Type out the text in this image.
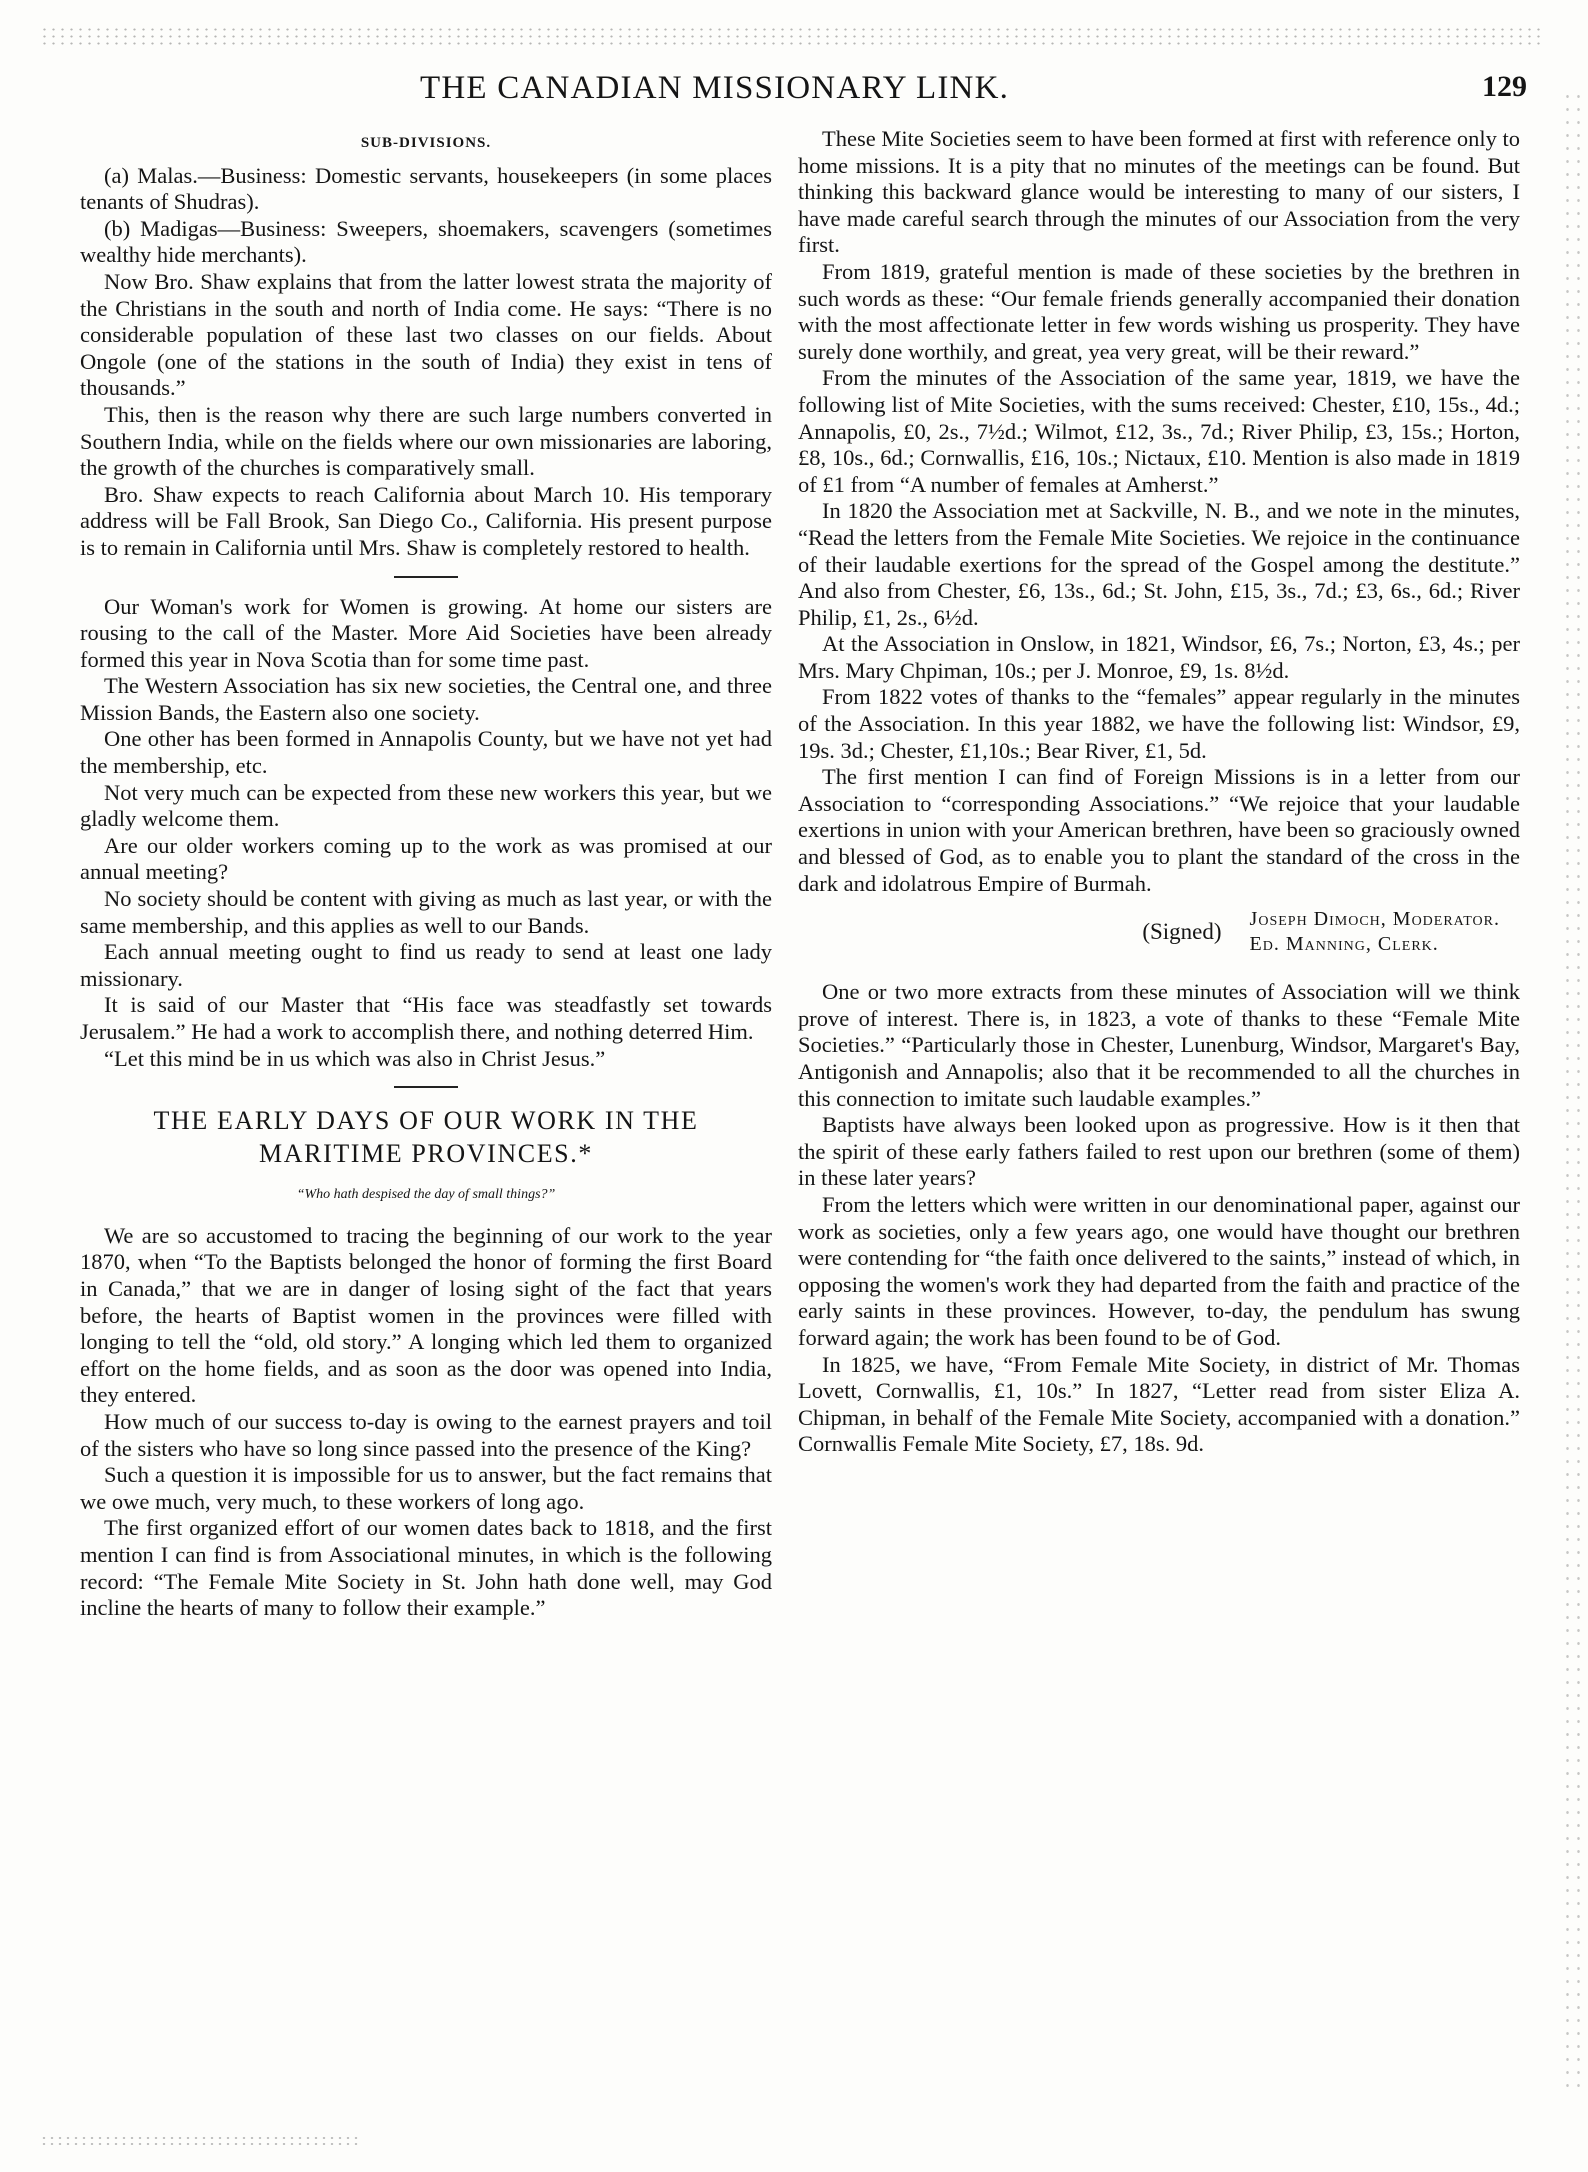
THE CANADIAN MISSIONARY LINK.	129
SUB-DIVISIONS.

(a) Malas.—Business: Domestic servants, housekeepers (in some places tenants of Shudras).

(b) Madigas—Business: Sweepers, shoemakers, scavengers (sometimes wealthy hide merchants).

Now Bro. Shaw explains that from the latter lowest strata the majority of the Christians in the south and north of India come. He says: “There is no considerable population of these last two classes on our fields. About Ongole (one of the stations in the south of India) they exist in tens of thousands.”

This, then is the reason why there are such large numbers converted in Southern India, while on the fields where our own missionaries are laboring, the growth of the churches is comparatively small.

Bro. Shaw expects to reach California about March 10. His temporary address will be Fall Brook, San Diego Co., California. His present purpose is to remain in California until Mrs. Shaw is completely restored to health.

Our Woman's work for Women is growing. At home our sisters are rousing to the call of the Master. More Aid Societies have been already formed this year in Nova Scotia than for some time past.

The Western Association has six new societies, the Central one, and three Mission Bands, the Eastern also one society.

One other has been formed in Annapolis County, but we have not yet had the membership, etc.

Not very much can be expected from these new workers this year, but we gladly welcome them.

Are our older workers coming up to the work as was promised at our annual meeting?

No society should be content with giving as much as last year, or with the same membership, and this applies as well to our Bands.

Each annual meeting ought to find us ready to send at least one lady missionary.

It is said of our Master that “His face was steadfastly set towards Jerusalem.” He had a work to accomplish there, and nothing deterred Him.

“Let this mind be in us which was also in Christ Jesus.”

THE EARLY DAYS OF OUR WORK IN THE MARITIME PROVINCES.*
“Who hath despised the day of small things?”

We are so accustomed to tracing the beginning of our work to the year 1870, when “To the Baptists belonged the honor of forming the first Board in Canada,” that we are in danger of losing sight of the fact that years before, the hearts of Baptist women in the provinces were filled with longing to tell the “old, old story.” A longing which led them to organized effort on the home fields, and as soon as the door was opened into India, they entered.

How much of our success to-day is owing to the earnest prayers and toil of the sisters who have so long since passed into the presence of the King?

Such a question it is impossible for us to answer, but the fact remains that we owe much, very much, to these workers of long ago.

The first organized effort of our women dates back to 1818, and the first mention I can find is from Associational minutes, in which is the following record: “The Female Mite Society in St. John hath done well, may God incline the hearts of many to follow their example.”

These Mite Societies seem to have been formed at first with reference only to home missions. It is a pity that no minutes of the meetings can be found. But thinking this backward glance would be interesting to many of our sisters, I have made careful search through the minutes of our Association from the very first.

From 1819, grateful mention is made of these societies by the brethren in such words as these: “Our female friends generally accompanied their donation with the most affectionate letter in few words wishing us prosperity. They have surely done worthily, and great, yea very great, will be their reward.”

From the minutes of the Association of the same year, 1819, we have the following list of Mite Societies, with the sums received: Chester, £10, 15s., 4d.; Annapolis, £0, 2s., 7½d.; Wilmot, £12, 3s., 7d.; River Philip, £3, 15s.; Horton, £8, 10s., 6d.; Cornwallis, £16, 10s.; Nictaux, £10. Mention is also made in 1819 of £1 from “A number of females at Amherst.”

In 1820 the Association met at Sackville, N. B., and we note in the minutes, “Read the letters from the Female Mite Societies. We rejoice in the continuance of their laudable exertions for the spread of the Gospel among the destitute.” And also from Chester, £6, 13s., 6d.; St. John, £15, 3s., 7d.; £3, 6s., 6d.; River Philip, £1, 2s., 6½d.

At the Association in Onslow, in 1821, Windsor, £6, 7s.; Norton, £3, 4s.; per Mrs. Mary Chpiman, 10s.; per J. Monroe, £9, 1s. 8½d.

From 1822 votes of thanks to the “females” appear regularly in the minutes of the Association. In this year 1882, we have the following list: Windsor, £9, 19s. 3d.; Chester, £1,10s.; Bear River, £1, 5d.

The first mention I can find of Foreign Missions is in a letter from our Association to “corresponding Associations.” “We rejoice that your laudable exertions in union with your American brethren, have been so graciously owned and blessed of God, as to enable you to plant the standard of the cross in the dark and idolatrous Empire of Burmah.

(Signed) Joseph Dimoch, Moderator.
Ed. Manning, Clerk.

One or two more extracts from these minutes of Association will we think prove of interest. There is, in 1823, a vote of thanks to these “Female Mite Societies.” “Particularly those in Chester, Lunenburg, Windsor, Margaret's Bay, Antigonish and Annapolis; also that it be recommended to all the churches in this connection to imitate such laudable examples.”

Baptists have always been looked upon as progressive. How is it then that the spirit of these early fathers failed to rest upon our brethren (some of them) in these later years?

From the letters which were written in our denominational paper, against our work as societies, only a few years ago, one would have thought our brethren were contending for “the faith once delivered to the saints,” instead of which, in opposing the women's work they had departed from the faith and practice of the early saints in these provinces. However, to-day, the pendulum has swung forward again; the work has been found to be of God.

In 1825, we have, “From Female Mite Society, in district of Mr. Thomas Lovett, Cornwallis, £1, 10s.” In 1827, “Letter read from sister Eliza A. Chipman, in behalf of the Female Mite Society, accompanied with a donation.” Cornwallis Female Mite Society, £7, 18s. 9d.
